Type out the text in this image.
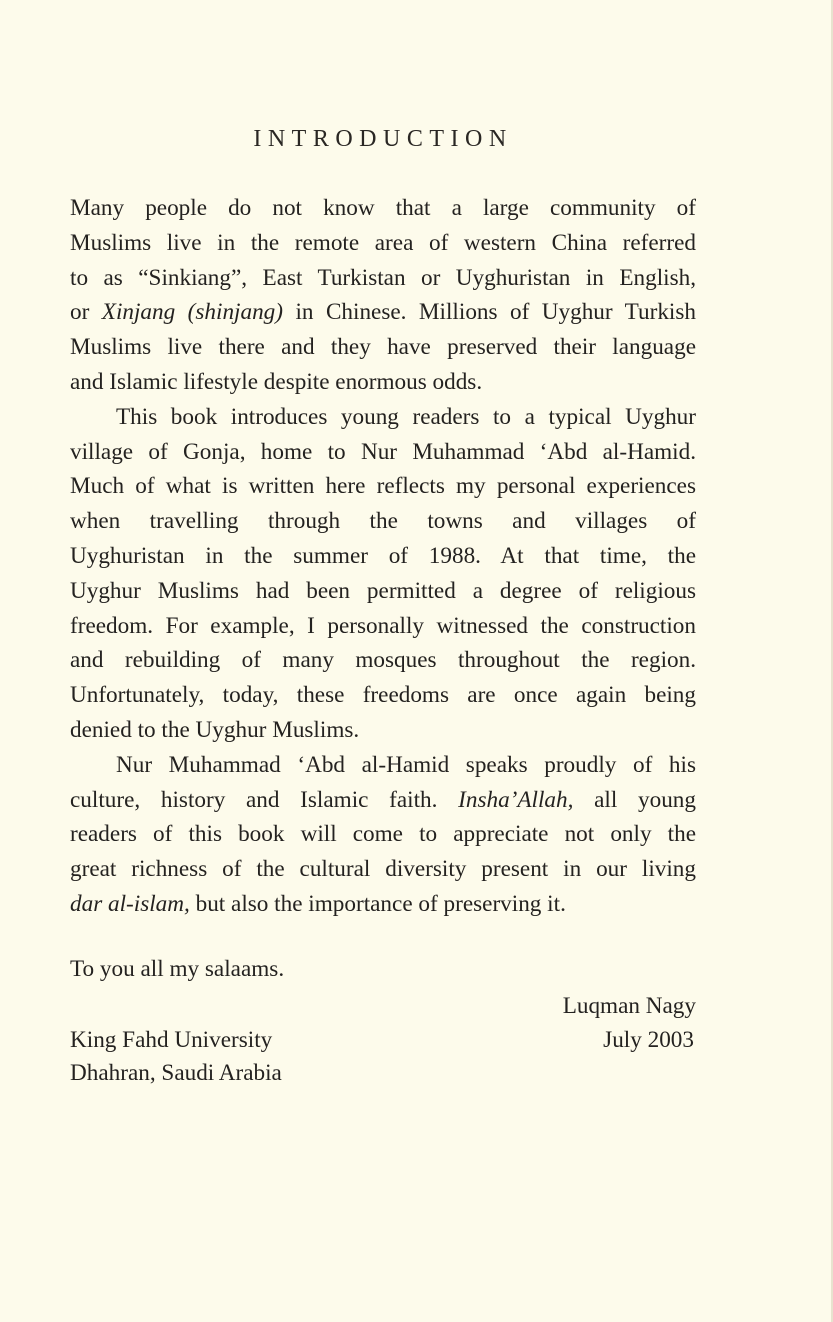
INTRODUCTION
Many people do not know that a large community of
Muslims live in the remote area of western China referred
to as “Sinkiang”, East Turkistan or Uyghuristan in English,
or Xinjang (shinjang) in Chinese. Millions of Uyghur Turkish
Muslims live there and they have preserved their language
and Islamic lifestyle despite enormous odds.
This book introduces young readers to a typical Uyghur
village of Gonja, home to Nur Muhammad ‘Abd al-Hamid.
Much of what is written here reflects my personal experiences
when travelling through the towns and villages of
Uyghuristan in the summer of 1988. At that time, the
Uyghur Muslims had been permitted a degree of religious
freedom. For example, I personally witnessed the construction
and rebuilding of many mosques throughout the region.
Unfortunately, today, these freedoms are once again being
denied to the Uyghur Muslims.
Nur Muhammad ‘Abd al-Hamid speaks proudly of his
culture, history and Islamic faith. Insha’Allah, all young
readers of this book will come to appreciate not only the
great richness of the cultural diversity present in our living
dar al-islam, but also the importance of preserving it.

To you all my salaams.

Luqman Nagy
July 2003
King Fahd University
Dhahran, Saudi Arabia
